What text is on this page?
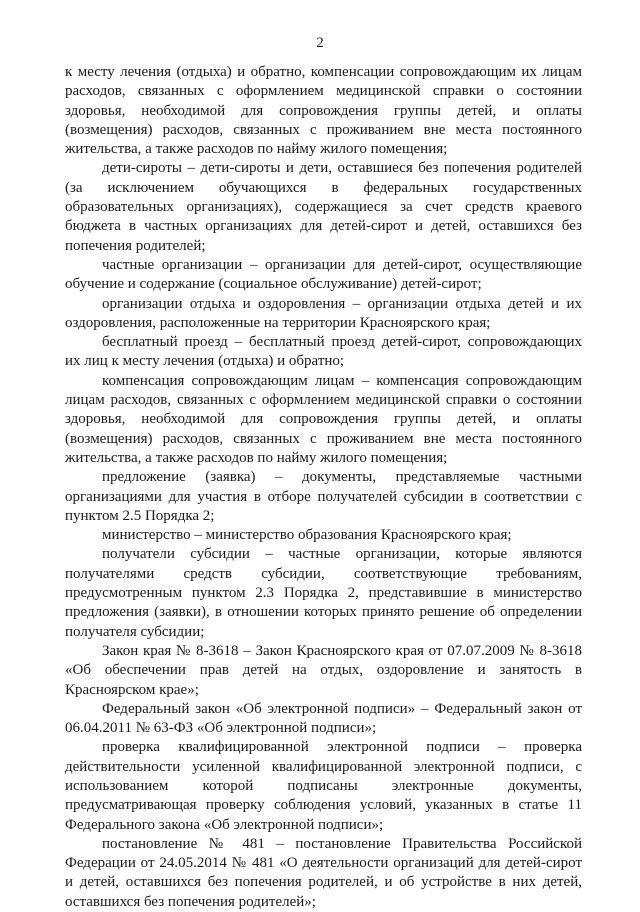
2

к месту лечения (отдыха) и обратно, компенсации сопровождающим их лицам расходов, связанных с оформлением медицинской справки о состоянии здоровья, необходимой для сопровождения группы детей, и оплаты (возмещения) расходов, связанных с проживанием вне места постоянного жительства, а также расходов по найму жилого помещения;

дети-сироты – дети-сироты и дети, оставшиеся без попечения родителей (за исключением обучающихся в федеральных государственных образовательных организациях), содержащиеся за счет средств краевого бюджета в частных организациях для детей-сирот и детей, оставшихся без попечения родителей;

частные организации – организации для детей-сирот, осуществляющие обучение и содержание (социальное обслуживание) детей-сирот;

организации отдыха и оздоровления – организации отдыха детей и их оздоровления, расположенные на территории Красноярского края;

бесплатный проезд – бесплатный проезд детей-сирот, сопровождающих их лиц к месту лечения (отдыха) и обратно;

компенсация сопровождающим лицам – компенсация сопровождающим лицам расходов, связанных с оформлением медицинской справки о состоянии здоровья, необходимой для сопровождения группы детей, и оплаты (возмещения) расходов, связанных с проживанием вне места постоянного жительства, а также расходов по найму жилого помещения;

предложение (заявка) – документы, представляемые частными организациями для участия в отборе получателей субсидии в соответствии с пунктом 2.5 Порядка 2;

министерство – министерство образования Красноярского края;

получатели субсидии – частные организации, которые являются получателями средств субсидии, соответствующие требованиям, предусмотренным пунктом 2.3 Порядка 2, представившие в министерство предложения (заявки), в отношении которых принято решение об определении получателя субсидии;

Закон края № 8-3618 – Закон Красноярского края от 07.07.2009 № 8-3618 «Об обеспечении прав детей на отдых, оздоровление и занятость в Красноярском крае»;

Федеральный закон «Об электронной подписи» – Федеральный закон от 06.04.2011 № 63-ФЗ «Об электронной подписи»;

проверка квалифицированной электронной подписи – проверка действительности усиленной квалифицированной электронной подписи, с использованием которой подписаны электронные документы, предусматривающая проверку соблюдения условий, указанных в статье 11 Федерального закона «Об электронной подписи»;

постановление № 481 – постановление Правительства Российской Федерации от 24.05.2014 № 481 «О деятельности организаций для детей-сирот и детей, оставшихся без попечения родителей, и об устройстве в них детей, оставшихся без попечения родителей»;
